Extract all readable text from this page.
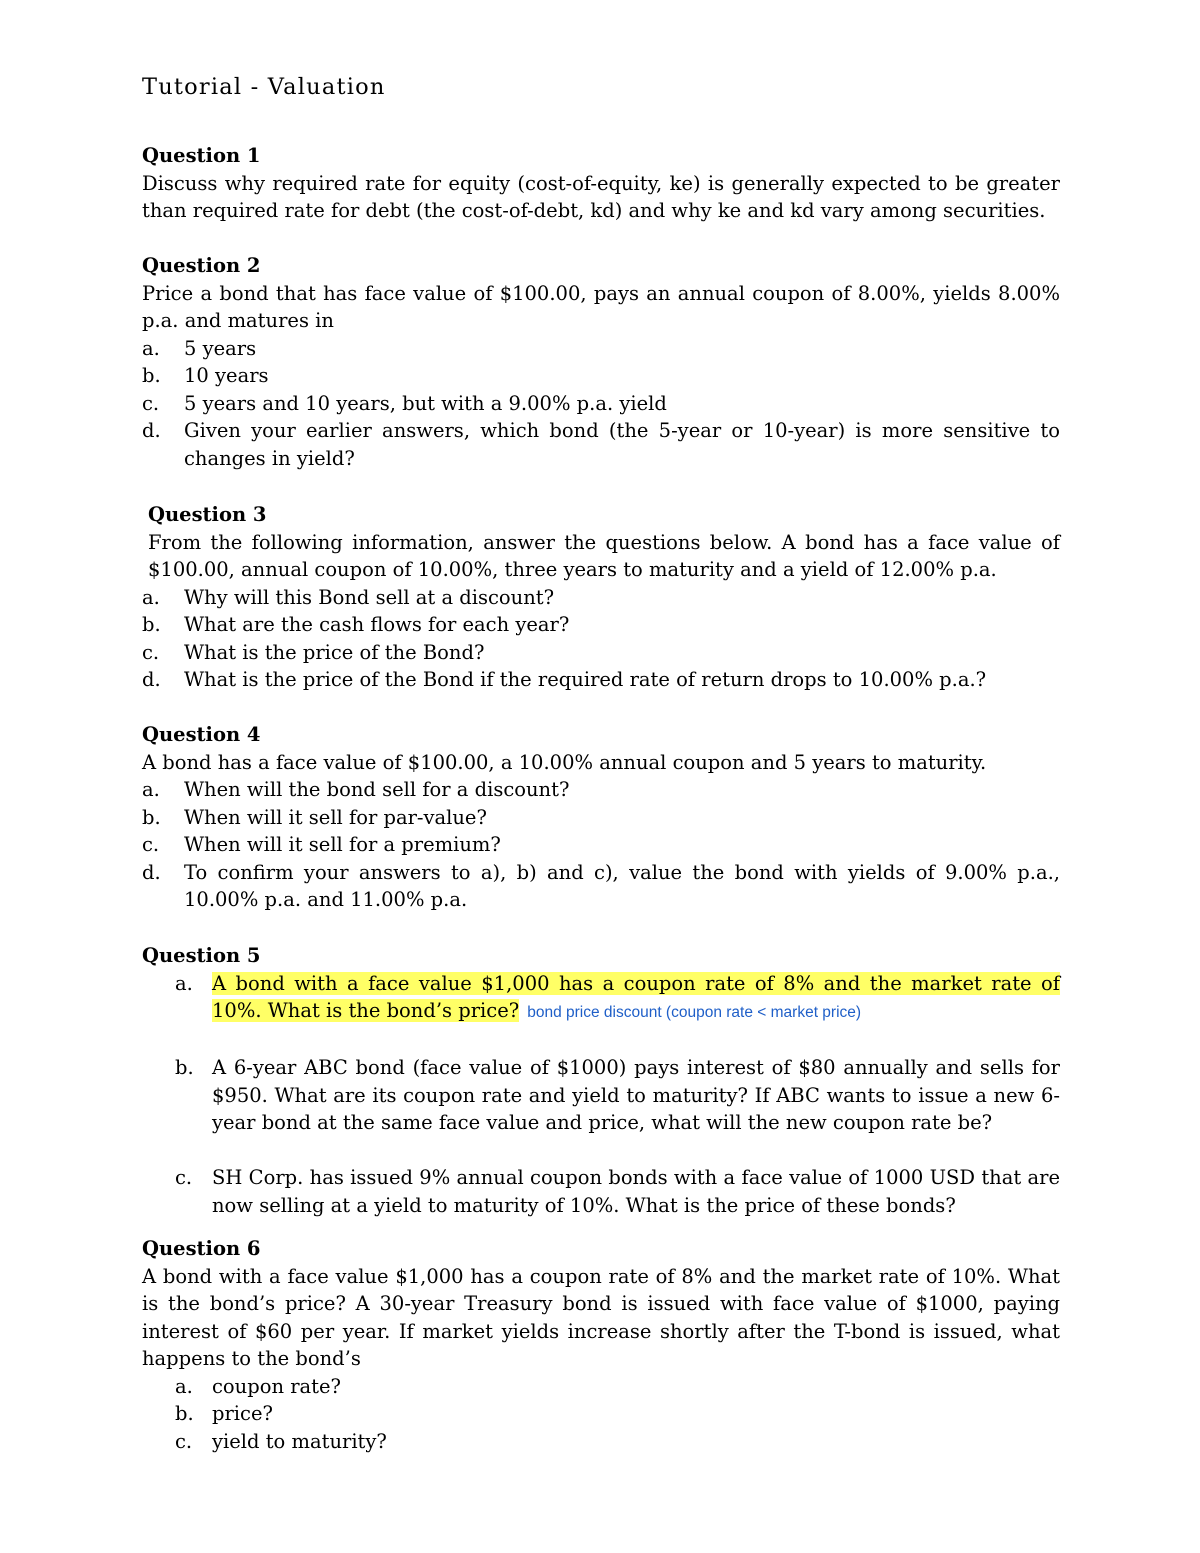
Tutorial - Valuation
Question 1
Discuss why required rate for equity (cost-of-equity, ke) is generally expected to be greater than required rate for debt (the cost-of-debt, kd) and why ke and kd vary among securities.
Question 2
Price a bond that has face value of $100.00, pays an annual coupon of 8.00%, yields 8.00% p.a. and matures in
a. 5 years
b. 10 years
c. 5 years and 10 years, but with a 9.00% p.a. yield
d. Given your earlier answers, which bond (the 5-year or 10-year) is more sensitive to changes in yield?
Question 3
From the following information, answer the questions below. A bond has a face value of $100.00, annual coupon of 10.00%, three years to maturity and a yield of 12.00% p.a.
a. Why will this Bond sell at a discount?
b. What are the cash flows for each year?
c. What is the price of the Bond?
d. What is the price of the Bond if the required rate of return drops to 10.00% p.a.?
Question 4
A bond has a face value of $100.00, a 10.00% annual coupon and 5 years to maturity.
a. When will the bond sell for a discount?
b. When will it sell for par-value?
c. When will it sell for a premium?
d. To confirm your answers to a), b) and c), value the bond with yields of 9.00% p.a., 10.00% p.a. and 11.00% p.a.
Question 5
a. A bond with a face value $1,000 has a coupon rate of 8% and the market rate of 10%. What is the bond’s price? bond price discount (coupon rate < market price)
b. A 6-year ABC bond (face value of $1000) pays interest of $80 annually and sells for $950. What are its coupon rate and yield to maturity? If ABC wants to issue a new 6-year bond at the same face value and price, what will the new coupon rate be?
c. SH Corp. has issued 9% annual coupon bonds with a face value of 1000 USD that are now selling at a yield to maturity of 10%. What is the price of these bonds?
Question 6
A bond with a face value $1,000 has a coupon rate of 8% and the market rate of 10%. What is the bond’s price? A 30-year Treasury bond is issued with face value of $1000, paying interest of $60 per year. If market yields increase shortly after the T-bond is issued, what happens to the bond’s
a. coupon rate?
b. price?
c. yield to maturity?
